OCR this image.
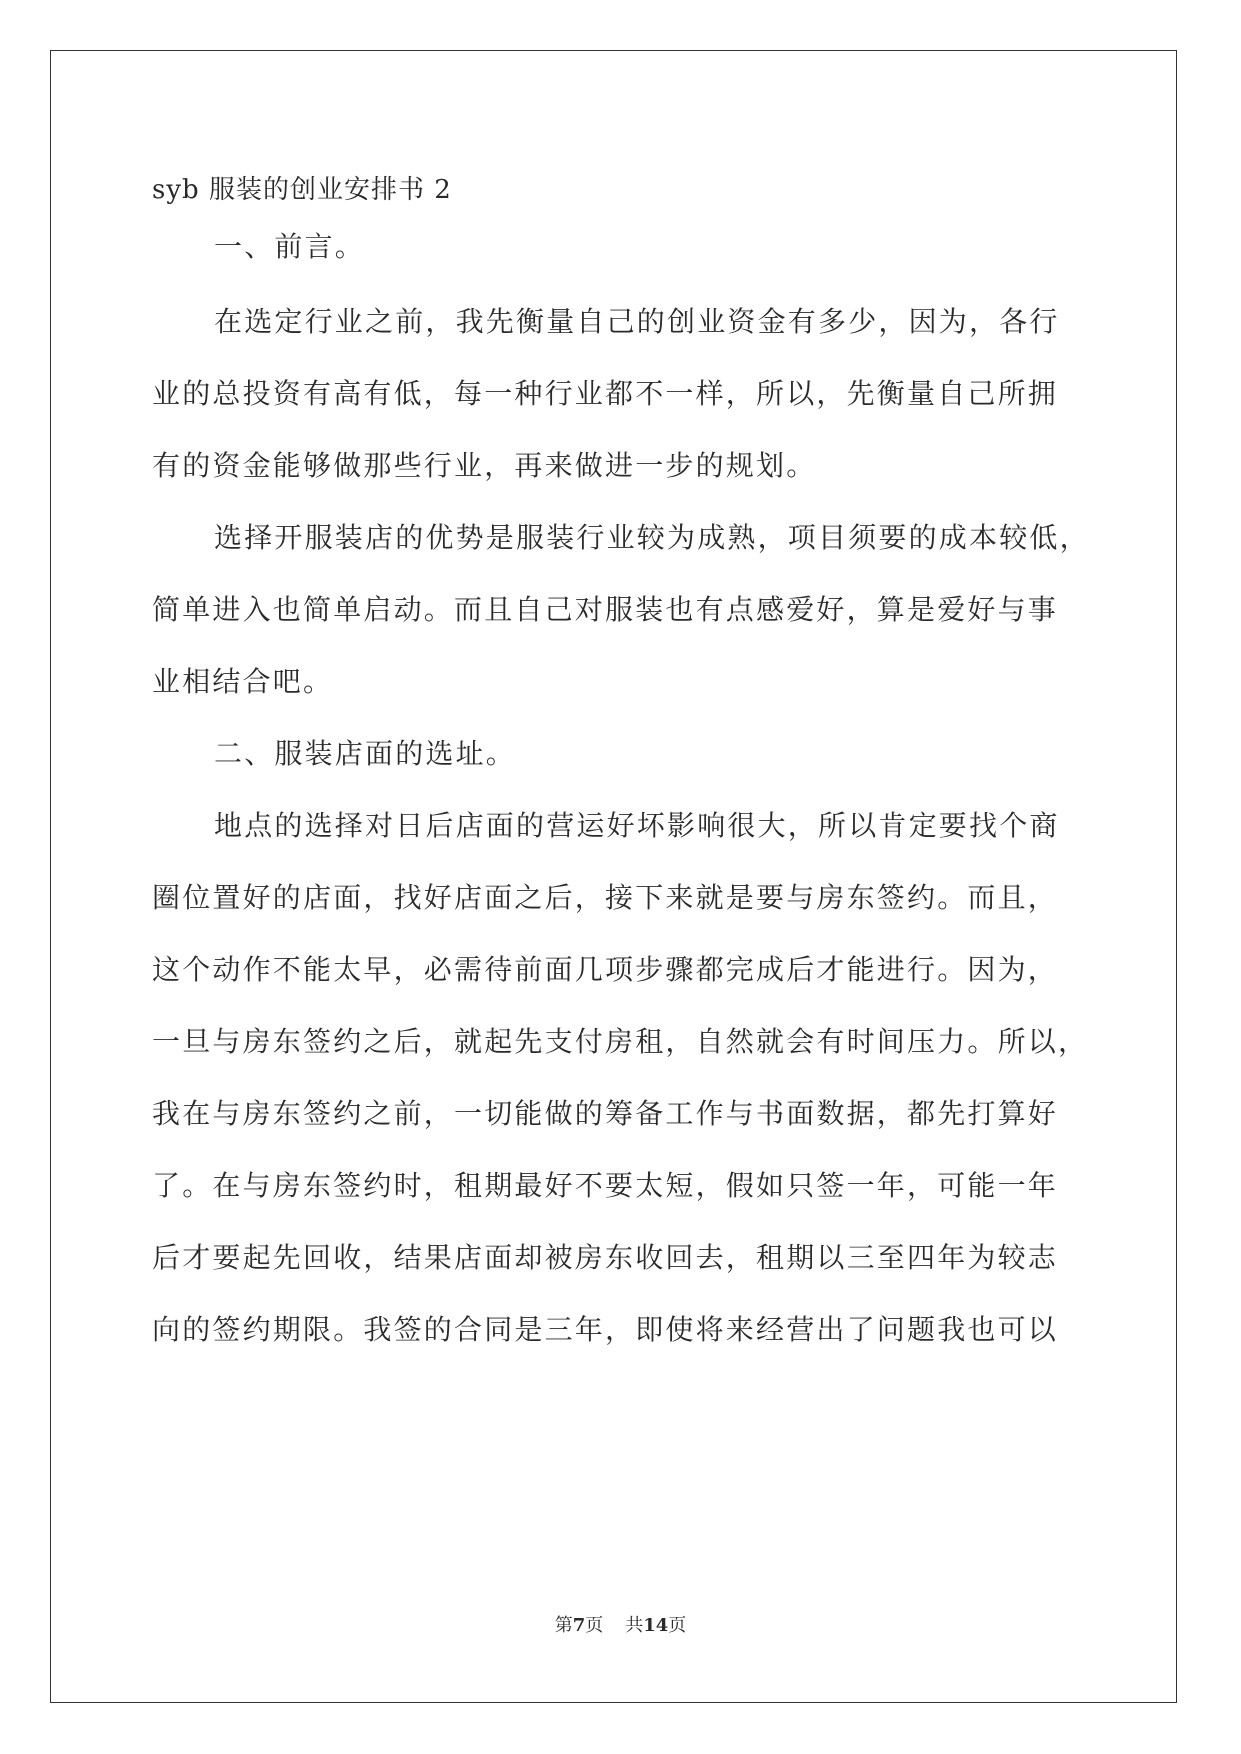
syb 服装的创业安排书 2
一、前言。
在选定行业之前，我先衡量自己的创业资金有多少，因为，各行
业的总投资有高有低，每一种行业都不一样，所以，先衡量自己所拥
有的资金能够做那些行业，再来做进一步的规划。
选择开服装店的优势是服装行业较为成熟，项目须要的成本较低，
简单进入也简单启动。而且自己对服装也有点感爱好，算是爱好与事
业相结合吧。
二、服装店面的选址。
地点的选择对日后店面的营运好坏影响很大，所以肯定要找个商
圈位置好的店面，找好店面之后，接下来就是要与房东签约。而且，
这个动作不能太早，必需待前面几项步骤都完成后才能进行。因为，
一旦与房东签约之后，就起先支付房租，自然就会有时间压力。所以，
我在与房东签约之前，一切能做的筹备工作与书面数据，都先打算好
了。在与房东签约时，租期最好不要太短，假如只签一年，可能一年
后才要起先回收，结果店面却被房东收回去，租期以三至四年为较志
向的签约期限。我签的合同是三年，即使将来经营出了问题我也可以
第7页 共14页
